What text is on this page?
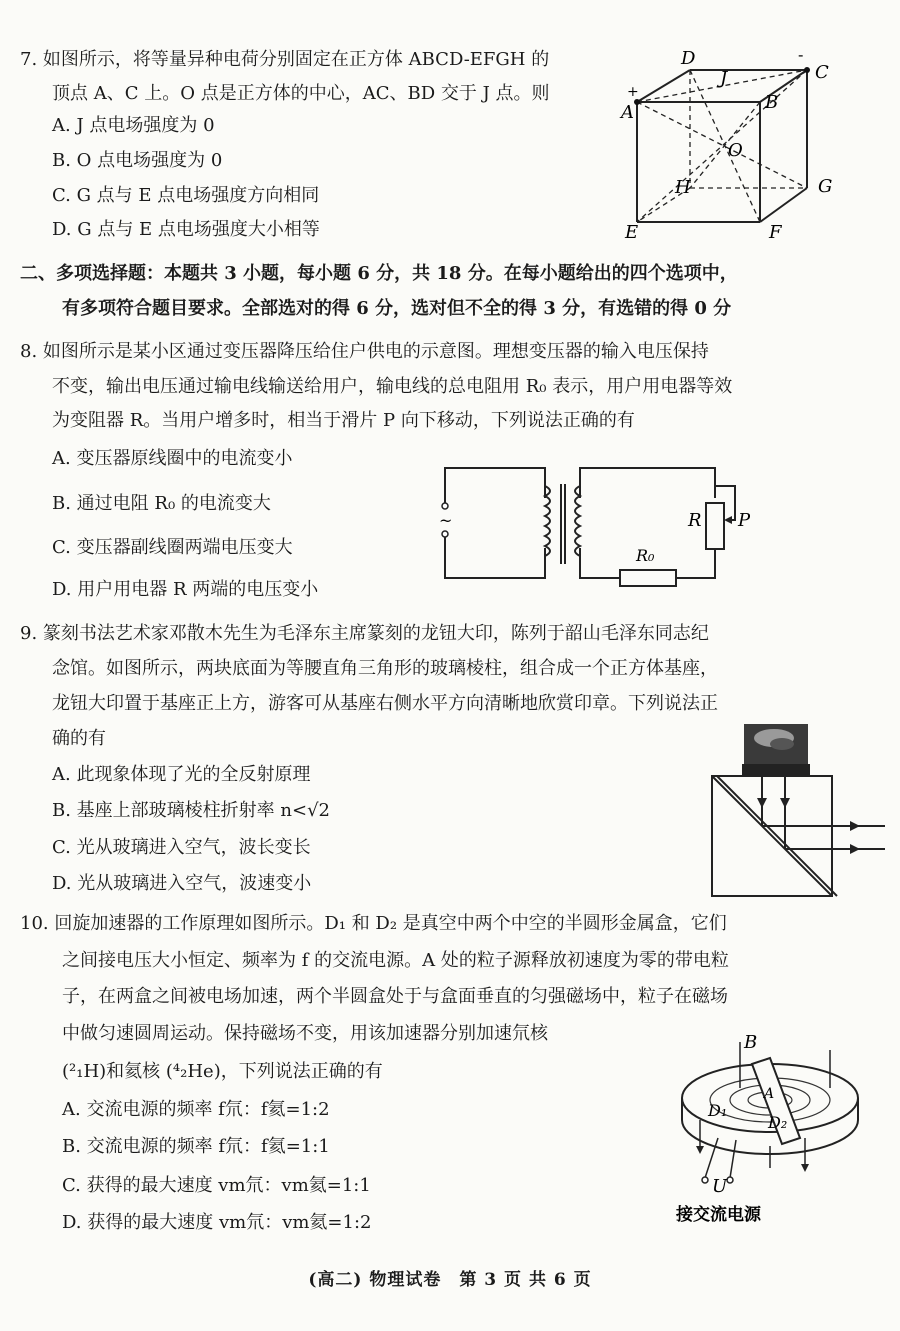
7. 如图所示，将等量异种电荷分别固定在正方体 ABCD-EFGH 的
顶点 A、C 上。O 点是正方体的中心，AC、BD 交于 J 点。则
A. J 点电场强度为 0
B. O 点电场强度为 0
C. G 点与 E 点电场强度方向相同
D. G 点与 E 点电场强度大小相等
+
-
D
C
A	B
J
O
H	G
E	F
二、多项选择题：本题共 3 小题，每小题 6 分，共 18 分。在每小题给出的四个选项中，
有多项符合题目要求。全部选对的得 6 分，选对但不全的得 3 分，有选错的得 0 分
8. 如图所示是某小区通过变压器降压给住户供电的示意图。理想变压器的输入电压保持
不变，输出电压通过输电线输送给用户，输电线的总电阻用 R₀ 表示，用户用电器等效
为变阻器 R。当用户增多时，相当于滑片 P 向下移动，下列说法正确的有
A. 变压器原线圈中的电流变小
B. 通过电阻 R₀ 的电流变大
C. 变压器副线圈两端电压变大
D. 用户用电器 R 两端的电压变小
~	R P
R₀
9. 篆刻书法艺术家邓散木先生为毛泽东主席篆刻的龙钮大印，陈列于韶山毛泽东同志纪
念馆。如图所示，两块底面为等腰直角三角形的玻璃棱柱，组合成一个正方体基座，
龙钮大印置于基座正上方，游客可从基座右侧水平方向清晰地欣赏印章。下列说法正
确的有
A. 此现象体现了光的全反射原理
B. 基座上部玻璃棱柱折射率 n<√2
C. 光从玻璃进入空气，波长变长
D. 光从玻璃进入空气，波速变小
10. 回旋加速器的工作原理如图所示。D₁ 和 D₂ 是真空中两个中空的半圆形金属盒，它们
之间接电压大小恒定、频率为 f 的交流电源。A 处的粒子源释放初速度为零的带电粒
子，在两盒之间被电场加速，两个半圆盒处于与盒面垂直的匀强磁场中，粒子在磁场
中做匀速圆周运动。保持磁场不变，用该加速器分别加速氘核
(²₁H)和氦核 (⁴₂He)，下列说法正确的有
A. 交流电源的频率 f氘：f氦=1:2
B. 交流电源的频率 f氘：f氦=1:1
C. 获得的最大速度 vm氘：vm氦=1:1
D. 获得的最大速度 vm氘：vm氦=1:2
B
A
D₁
D₂
U
接交流电源
(高二) 物理试卷　第 3 页 共 6 页
